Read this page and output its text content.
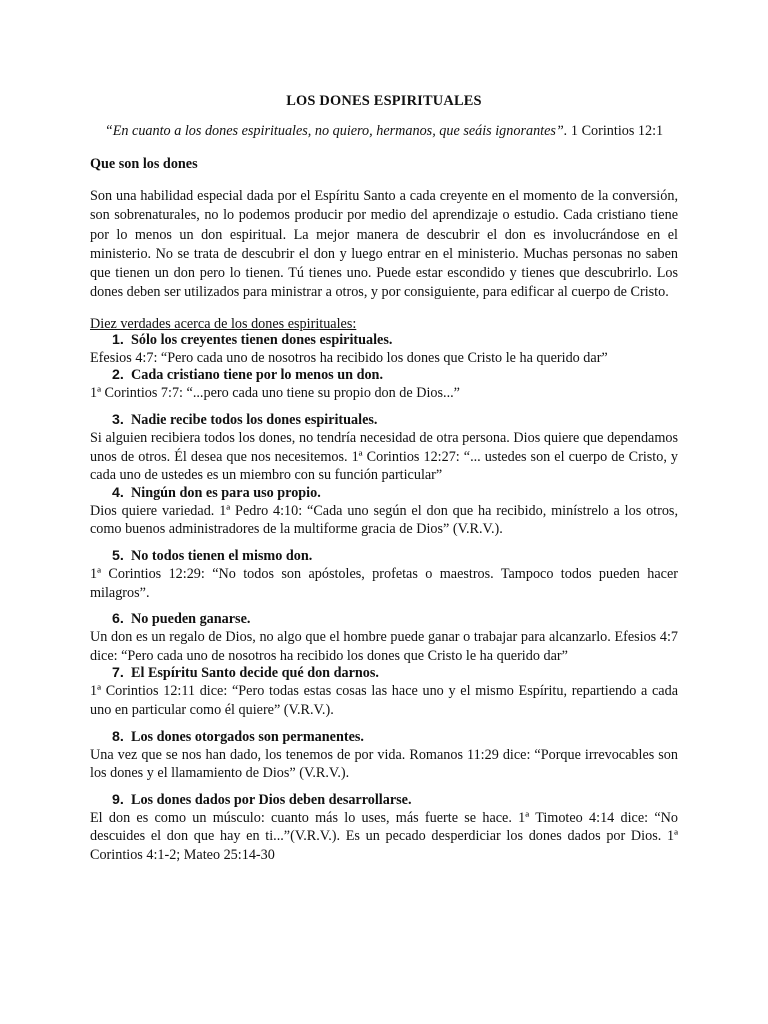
LOS DONES ESPIRITUALES
“En cuanto a los dones espirituales, no quiero, hermanos, que seáis ignorantes”. 1 Corintios 12:1
Que son los dones

Son una habilidad especial dada por el Espíritu Santo a cada creyente en el momento de la conversión, son sobrenaturales, no lo podemos producir por medio del aprendizaje o estudio. Cada cristiano tiene por lo menos un don espiritual. La mejor manera de descubrir el don es involucrándose en el ministerio. No se trata de descubrir el don y luego entrar en el ministerio. Muchas personas no saben que tienen un don pero lo tienen. Tú tienes uno. Puede estar escondido y tienes que descubrirlo. Los dones deben ser utilizados para ministrar a otros, y por consiguiente, para edificar al cuerpo de Cristo.

Diez verdades acerca de los dones espirituales:
1. Sólo los creyentes tienen dones espirituales.

Efesios 4:7: “Pero cada uno de nosotros ha recibido los dones que Cristo le ha querido dar”

2. Cada cristiano tiene por lo menos un don.

1ª Corintios 7:7: “...pero cada uno tiene su propio don de Dios...”

3. Nadie recibe todos los dones espirituales.

Si alguien recibiera todos los dones, no tendría necesidad de otra persona. Dios quiere que dependamos unos de otros. Él desea que nos necesitemos. 1ª Corintios 12:27: “... ustedes son el cuerpo de Cristo, y cada uno de ustedes es un miembro con su función particular”

4. Ningún don es para uso propio.

Dios quiere variedad. 1ª Pedro 4:10: “Cada uno según el don que ha recibido, minístrelo a los otros, como buenos administradores de la multiforme gracia de Dios” (V.R.V.).

5. No todos tienen el mismo don.

1ª Corintios 12:29: “No todos son apóstoles, profetas o maestros. Tampoco todos pueden hacer milagros”.

6. No pueden ganarse.

Un don es un regalo de Dios, no algo que el hombre puede ganar o trabajar para alcanzarlo. Efesios 4:7 dice: “Pero cada uno de nosotros ha recibido los dones que Cristo le ha querido dar”

7. El Espíritu Santo decide qué don darnos.

1ª Corintios 12:11 dice: “Pero todas estas cosas las hace uno y el mismo Espíritu, repartiendo a cada uno en particular como él quiere” (V.R.V.).

8. Los dones otorgados son permanentes.

Una vez que se nos han dado, los tenemos de por vida. Romanos 11:29 dice: “Porque irrevocables son los dones y el llamamiento de Dios” (V.R.V.).

9. Los dones dados por Dios deben desarrollarse.

El don es como un músculo: cuanto más lo uses, más fuerte se hace. 1ª Timoteo 4:14 dice: “No descuides el don que hay en ti...”(V.R.V.). Es un pecado desperdiciar los dones dados por Dios. 1ª Corintios 4:1-2; Mateo 25:14-30
